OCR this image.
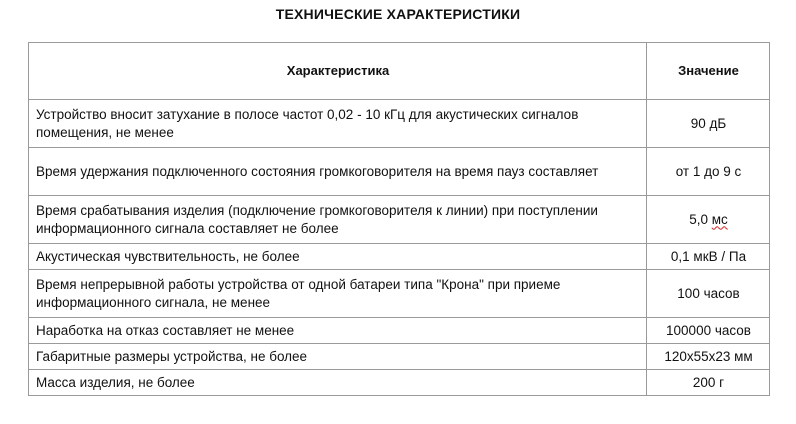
ТЕХНИЧЕСКИЕ ХАРАКТЕРИСТИКИ
Характеристика	Значение
Устройство вносит затухание в полосе частот 0,02 - 10 кГц для акустических сигналов помещения, не менее	90 дБ
Время удержания подключенного состояния громкоговорителя на время пауз составляет	от 1 до 9 с
Время срабатывания изделия (подключение громкоговорителя к линии) при поступлении информационного сигнала составляет не более	5,0 мс
Акустическая чувствительность, не более	0,1 мкВ / Па
Время непрерывной работы устройства от одной батареи типа "Крона" при приеме информационного сигнала, не менее	100 часов
Наработка на отказ составляет не менее	100000 часов
Габаритные размеры устройства, не более	120х55х23 мм
Масса изделия, не более	200 г
